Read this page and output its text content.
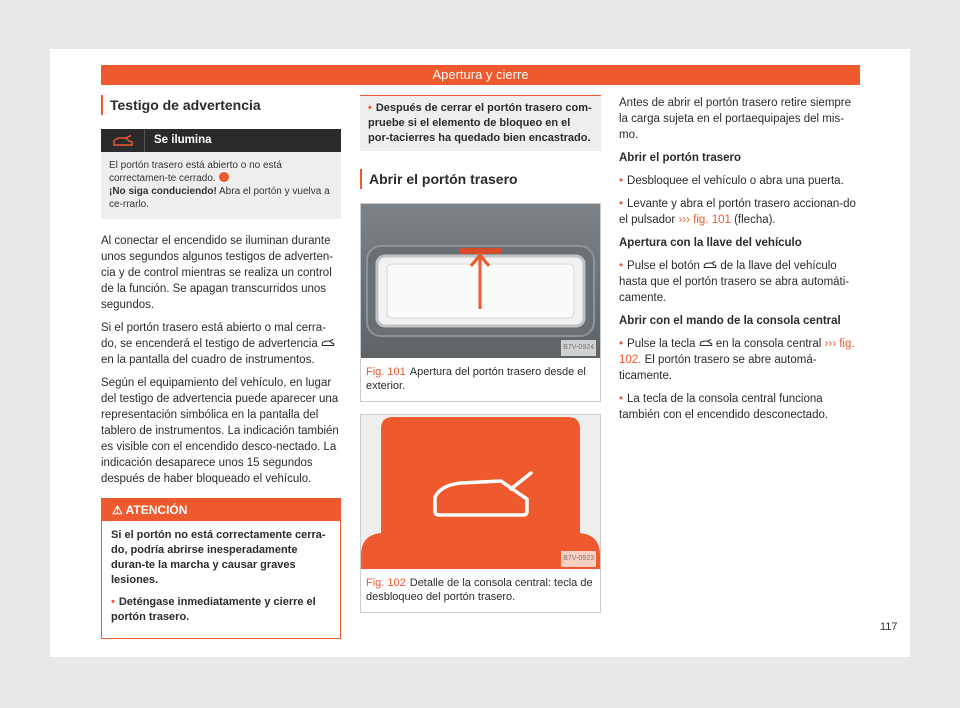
Apertura y cierre
Testigo de advertencia
Se ilumina
El portón trasero está abierto o no está correctamen-te cerrado.
¡No siga conduciendo! Abra el portón y vuelva a ce-rrarlo.

Al conectar el encendido se iluminan durante unos segundos algunos testigos de adverten-cia y de control mientras se realiza un control de la función. Se apagan transcurridos unos segundos.

Si el portón trasero está abierto o mal cerra-do, se encenderá el testigo de advertencia  en la pantalla del cuadro de instrumentos.

Según el equipamiento del vehículo, en lugar del testigo de advertencia puede aparecer una representación simbólica en la pantalla del tablero de instrumentos. La indicación también es visible con el encendido desco-nectado. La indicación desaparece unos 15 segundos después de haber bloqueado el vehículo.

⚠ ATENCIÓN

Si el portón no está correctamente cerra-do, podría abrirse inesperadamente duran-te la marcha y causar graves lesiones.

• Deténgase inmediatamente y cierre el portón trasero.

• Después de cerrar el portón trasero com-pruebe si el elemento de bloqueo en el por-tacierres ha quedado bien encastrado.
Abrir el portón trasero
B7V-0924
Fig. 101 Apertura del portón trasero desde el exterior.
B7V-0923
Fig. 102 Detalle de la consola central: tecla de desbloqueo del portón trasero.

Antes de abrir el portón trasero retire siempre la carga sujeta en el portaequipajes del mis-mo.

Abrir el portón trasero

• Desbloquee el vehículo o abra una puerta.

• Levante y abra el portón trasero accionan-do el pulsador ››› fig. 101 (flecha).

Apertura con la llave del vehículo

• Pulse el botón de la llave del vehículo hasta que el portón trasero se abra automáti-camente.

Abrir con el mando de la consola central

• Pulse la tecla en la consola central ››› fig. 102. El portón trasero se abre automá-ticamente.

• La tecla de la consola central funciona también con el encendido desconectado.

117
